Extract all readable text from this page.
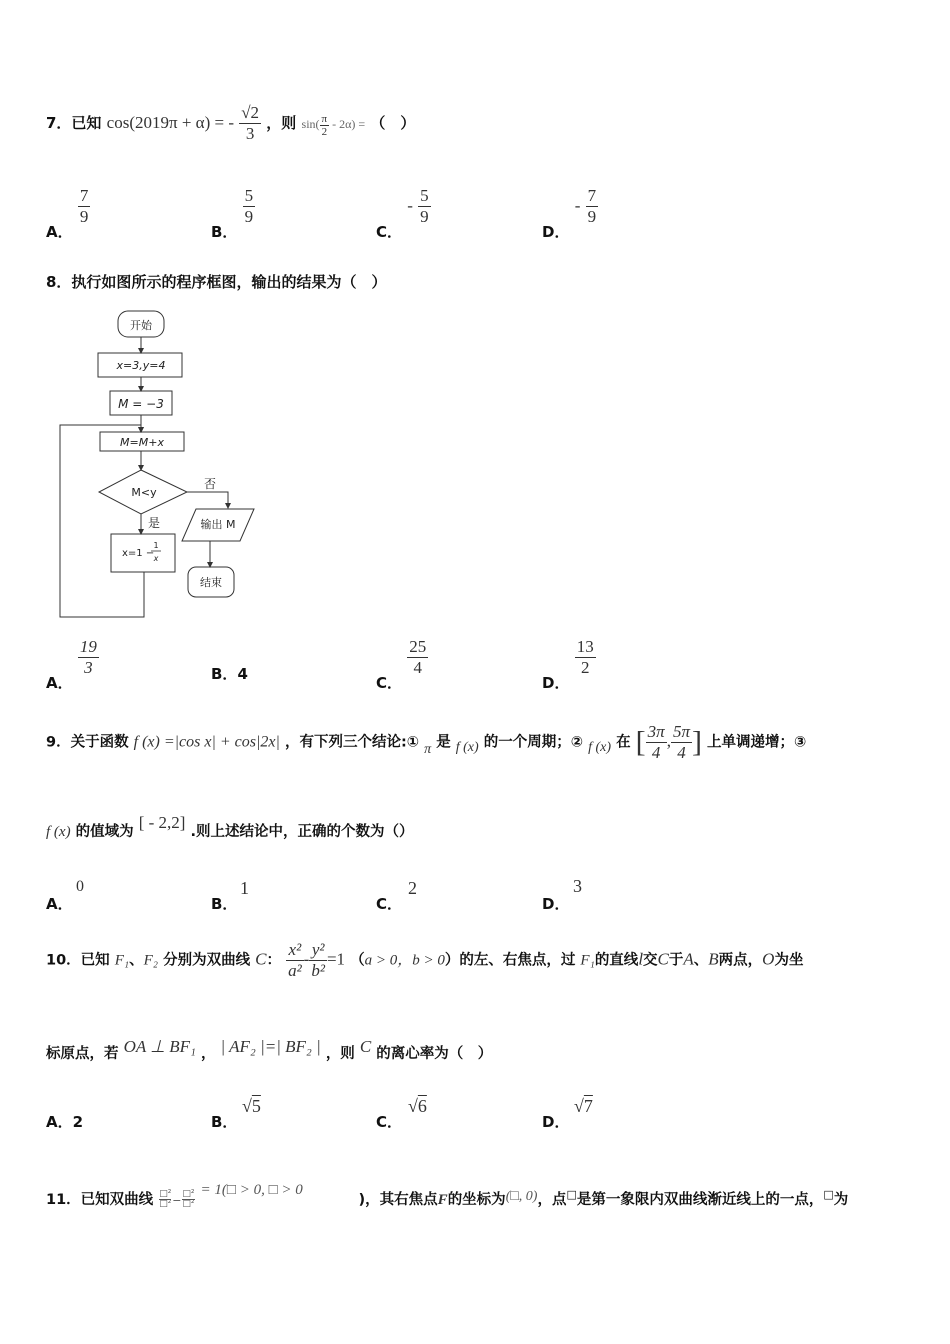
7．已知 cos(2019π + α) = - $\frac{√2}{3}$ ，则 $\sin( \frac{\pi}{2} - 2\alpha)$ = （　）
A．
$\frac{7}{9}$
B．
$\frac{5}{9}$
C． - $\frac{5}{9}$
D． - $\frac{7}{9}$
8．执行如图所示的程序框图，输出的结果为（　）
开始
x=3,y=4
M = −3
M=M+x
M<y
否
是	输出 M
x=1 −
1
x
结束
A．
$\frac{19}{3}$	B．4	C．
$\frac{25}{4}$
D．
$\frac{13}{2}$
9．关于函数 f (x) =|cos x| + cos|2x| ，有下列三个结论:① π 是 f (x) 的一个周期；② f (x) 在 [ $\frac{3\pi}{4}$ , $\frac{5\pi}{4}$ ] 上单调递增；③
f (x) 的值域为 [ - 2,2] .则上述结论中，正确的个数为（）
A．
0
B．
1
C．
2
D．
3
10．已知 F₁、F₂ 分别为双曲线 C： $\frac{\text{x²}}{\text{a²}} - \frac{\text{y²}}{\text{b²}} =1$ （a > 0，b > 0）的左、右焦点，过 F₁的直线l交C于A、B两点，O为坐
标原点，若 OA ⊥ BF₁ ， | AF₂ |=| BF₂ | ，则 C 的离心率为（　）
A．2	B．
√5
C．
√6
D．
√7
11．已知双曲线 □²
□²−□²
□² = 1(□ > 0, □ > 0)，其右焦点F的坐标为(□, 0)，点□是第一象限内双曲线渐近线上的一点，□为
